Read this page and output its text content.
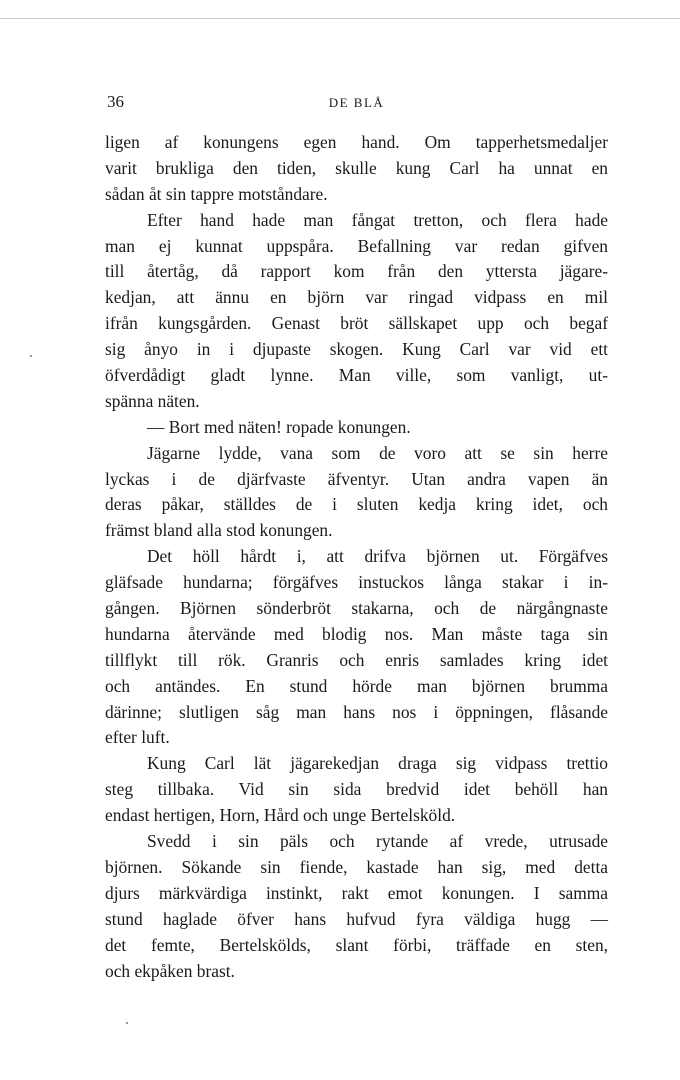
36	DE BLÅ
ligen af konungens egen hand. Om tapperhetsmedaljer
varit brukliga den tiden, skulle kung Carl ha unnat en
sådan åt sin tappre motståndare.
Efter hand hade man fångat tretton, och flera hade
man ej kunnat uppspåra. Befallning var redan gifven
till återtåg, då rapport kom från den yttersta jägare-
kedjan, att ännu en björn var ringad vidpass en mil
ifrån kungsgården. Genast bröt sällskapet upp och begaf
sig ånyo in i djupaste skogen. Kung Carl var vid ett
öfverdådigt gladt lynne. Man ville, som vanligt, ut-
spänna näten.
— Bort med näten! ropade konungen.
Jägarne lydde, vana som de voro att se sin herre
lyckas i de djärfvaste äfventyr. Utan andra vapen än
deras påkar, ställdes de i sluten kedja kring idet, och
främst bland alla stod konungen.
Det höll hårdt i, att drifva björnen ut. Förgäfves
gläfsade hundarna; förgäfves instuckos långa stakar i in-
gången. Björnen sönderbröt stakarna, och de närgångnaste
hundarna återvände med blodig nos. Man måste taga sin
tillflykt till rök. Granris och enris samlades kring idet
och antändes. En stund hörde man björnen brumma
därinne; slutligen såg man hans nos i öppningen, flåsande
efter luft.
Kung Carl lät jägarekedjan draga sig vidpass trettio
steg tillbaka. Vid sin sida bredvid idet behöll han
endast hertigen, Horn, Hård och unge Bertelsköld.
Svedd i sin päls och rytande af vrede, utrusade
björnen. Sökande sin fiende, kastade han sig, med detta
djurs märkvärdiga instinkt, rakt emot konungen. I samma
stund haglade öfver hans hufvud fyra väldiga hugg —
det femte, Bertelskölds, slant förbi, träffade en sten,
och ekpåken brast.
